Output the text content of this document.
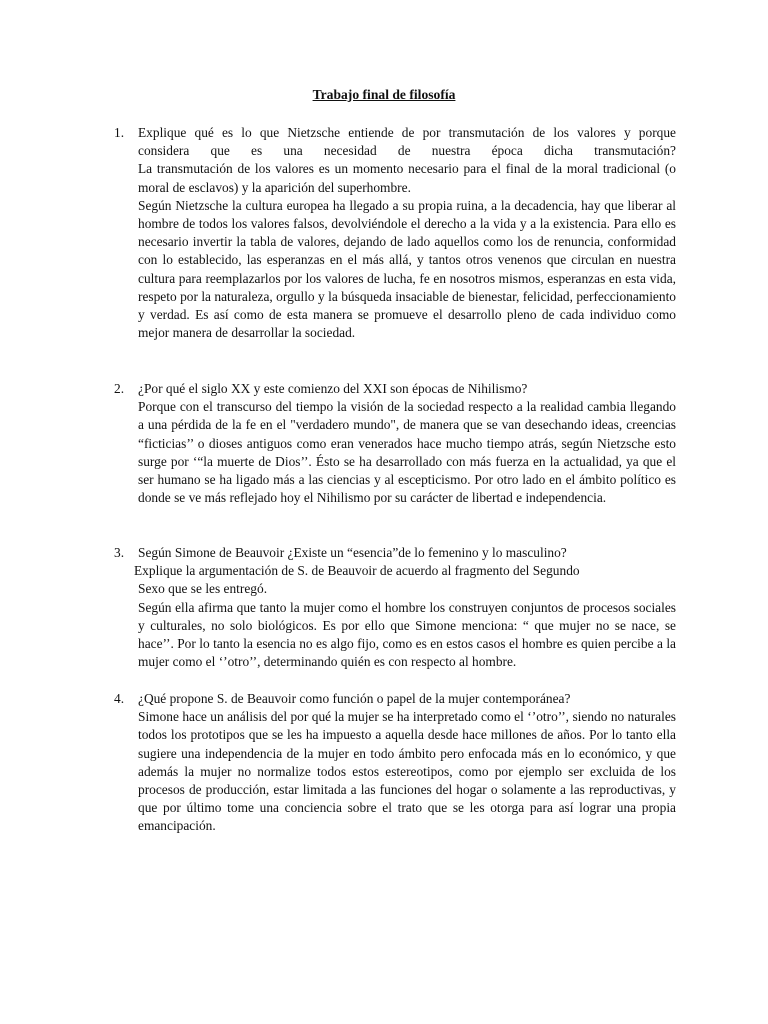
Trabajo final de filosofía
1. Explique qué es lo que Nietzsche entiende de por transmutación de los valores y porque
considera que es una necesidad de nuestra época dicha transmutación?

La transmutación de los valores es un momento necesario para el final de la moral tradicional (o moral de esclavos) y la aparición del superhombre.

Según Nietzsche la cultura europea ha llegado a su propia ruina, a la decadencia, hay que liberar al hombre de todos los valores falsos, devolviéndole el derecho a la vida y a la existencia. Para ello es necesario invertir la tabla de valores, dejando de lado aquellos como los de renuncia, conformidad con lo establecido, las esperanzas en el más allá, y tantos otros venenos que circulan en nuestra cultura para reemplazarlos por los valores de lucha, fe en nosotros mismos, esperanzas en esta vida, respeto por la naturaleza, orgullo y la búsqueda insaciable de bienestar, felicidad, perfeccionamiento y verdad. Es así como de esta manera se promueve el desarrollo pleno de cada individuo como mejor manera de desarrollar la sociedad.

2. ¿Por qué el siglo XX y este comienzo del XXI son épocas de Nihilismo?

Porque con el transcurso del tiempo la visión de la sociedad respecto a la realidad cambia llegando a una pérdida de la fe en el "verdadero mundo", de manera que se van desechando ideas, creencias “ficticias’’ o dioses antiguos como eran venerados hace mucho tiempo atrás, según Nietzsche esto surge por ‘“la muerte de Dios’’. Ésto se ha desarrollado con más fuerza en la actualidad, ya que el ser humano se ha ligado más a las ciencias y al escepticismo. Por otro lado en el ámbito político es donde se ve más reflejado hoy el Nihilismo por su carácter de libertad e independencia.

3. Según Simone de Beauvoir ¿Existe un “esencia”de lo femenino y lo masculino?
Explique la argumentación de S. de Beauvoir de acuerdo al fragmento del Segundo
Sexo que se les entregó.

Según ella afirma que tanto la mujer como el hombre los construyen conjuntos de procesos sociales y culturales, no solo biológicos. Es por ello que Simone menciona: “ que mujer no se nace, se hace’’. Por lo tanto la esencia no es algo fijo, como es en estos casos el hombre es quien percibe a la mujer como el ‘’otro’’, determinando quién es con respecto al hombre.

4. ¿Qué propone S. de Beauvoir como función o papel de la mujer contemporánea?

Simone hace un análisis del por qué la mujer se ha interpretado como el ‘’otro’’, siendo no naturales todos los prototipos que se les ha impuesto a aquella desde hace millones de años. Por lo tanto ella sugiere una independencia de la mujer en todo ámbito pero enfocada más en lo económico, y que además la mujer no normalize todos estos estereotipos, como por ejemplo ser excluida de los procesos de producción, estar limitada a las funciones del hogar o solamente a las reproductivas, y que por último tome una conciencia sobre el trato que se les otorga para así lograr una propia emancipación.
